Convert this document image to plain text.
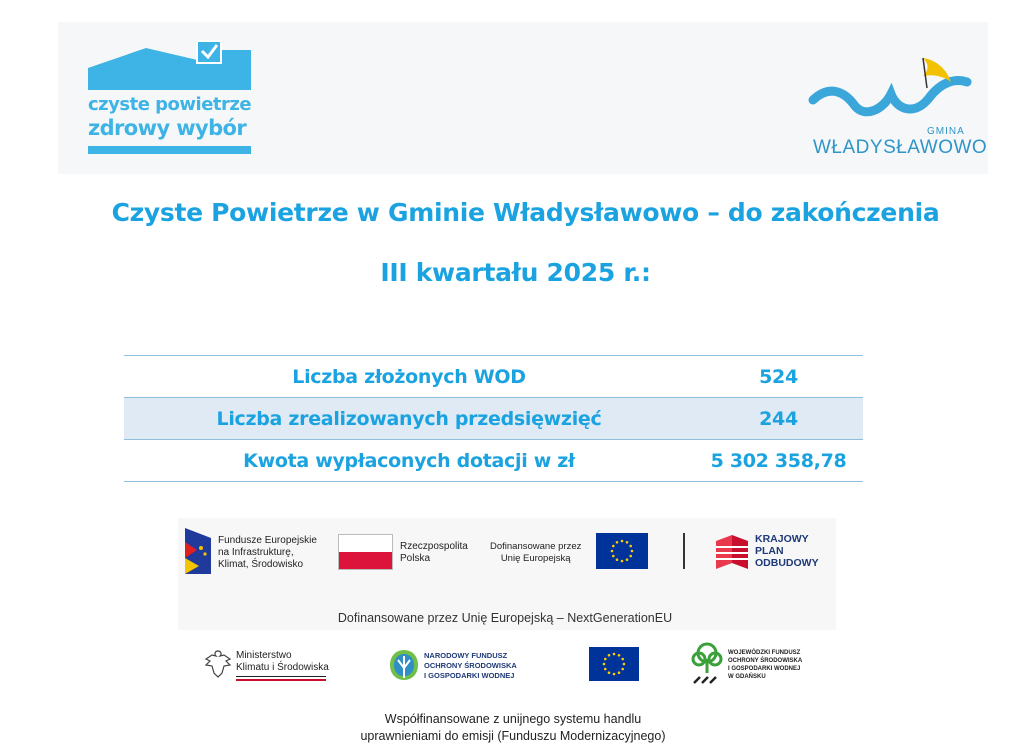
czyste powietrze
zdrowy wybór	GMINA
WŁADYSŁAWOWO
Czyste Powietrze w Gminie Władysławowo – do zakończenia
III kwartału 2025 r.:
Liczba złożonych WOD	524
Liczba zrealizowanych przedsięwzięć	244
Kwota wypłaconych dotacji w zł	5 302 358,78
Fundusze Europejskie
na Infrastrukturę,
Klimat, Środowisko
Rzeczpospolita
Polska
Dofinansowane przez
Unię Europejską
KRAJOWY
PLAN
ODBUDOWY
Dofinansowane przez Unię Europejską – NextGenerationEU
Ministerstwo
Klimatu i Środowiska
NARODOWY FUNDUSZ
OCHRONY ŚRODOWISKA
I GOSPODARKI WODNEJ
WOJEWÓDZKI FUNDUSZ
OCHRONY ŚRODOWISKA
I GOSPODARKI WODNEJ
W GDAŃSKU
Współfinansowane z unijnego systemu handlu
uprawnieniami do emisji (Funduszu Modernizacyjnego)
